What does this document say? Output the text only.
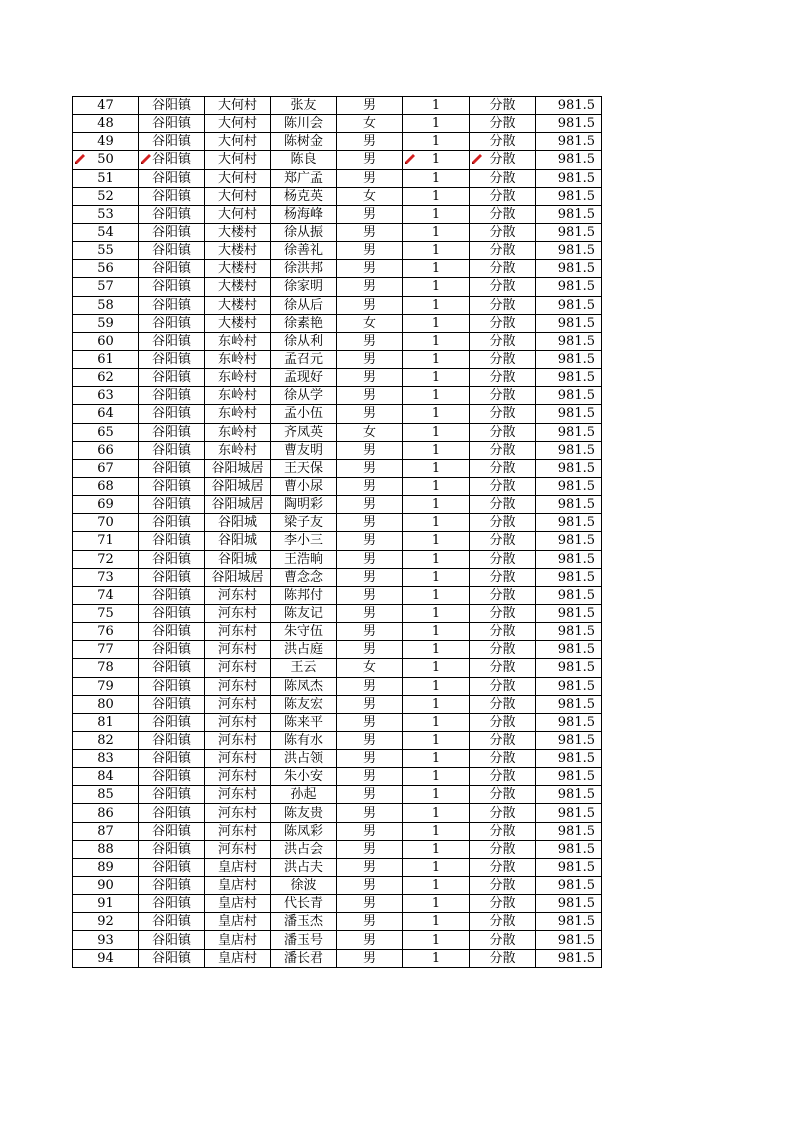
47	谷阳镇	大何村	张友	男	1	分散	981.5
48	谷阳镇	大何村	陈川会	女	1	分散	981.5
49	谷阳镇	大何村	陈树金	男	1	分散	981.5

50	谷阳镇	大何村	陈良	男	1	分散	981.5
51	谷阳镇	大何村	郑广孟	男	1	分散	981.5
52	谷阳镇	大何村	杨克英	女	1	分散	981.5
53	谷阳镇	大何村	杨海峰	男	1	分散	981.5
54	谷阳镇	大楼村	徐从振	男	1	分散	981.5
55	谷阳镇	大楼村	徐善礼	男	1	分散	981.5
56	谷阳镇	大楼村	徐洪邦	男	1	分散	981.5
57	谷阳镇	大楼村	徐家明	男	1	分散	981.5
58	谷阳镇	大楼村	徐从后	男	1	分散	981.5
59	谷阳镇	大楼村	徐素艳	女	1	分散	981.5
60	谷阳镇	东岭村	徐从利	男	1	分散	981.5
61	谷阳镇	东岭村	孟召元	男	1	分散	981.5
62	谷阳镇	东岭村	孟现好	男	1	分散	981.5
63	谷阳镇	东岭村	徐从学	男	1	分散	981.5
64	谷阳镇	东岭村	孟小伍	男	1	分散	981.5
65	谷阳镇	东岭村	齐凤英	女	1	分散	981.5
66	谷阳镇	东岭村	曹友明	男	1	分散	981.5
67	谷阳镇	谷阳城居	王天保	男	1	分散	981.5
68	谷阳镇	谷阳城居	曹小尿	男	1	分散	981.5
69	谷阳镇	谷阳城居	陶明彩	男	1	分散	981.5
70	谷阳镇	谷阳城	梁子友	男	1	分散	981.5
71	谷阳镇	谷阳城	李小三	男	1	分散	981.5
72	谷阳镇	谷阳城	王浩晌	男	1	分散	981.5
73	谷阳镇	谷阳城居	曹念念	男	1	分散	981.5
74	谷阳镇	河东村	陈邦付	男	1	分散	981.5
75	谷阳镇	河东村	陈友记	男	1	分散	981.5
76	谷阳镇	河东村	朱守伍	男	1	分散	981.5
77	谷阳镇	河东村	洪占庭	男	1	分散	981.5
78	谷阳镇	河东村	王云	女	1	分散	981.5
79	谷阳镇	河东村	陈凤杰	男	1	分散	981.5
80	谷阳镇	河东村	陈友宏	男	1	分散	981.5
81	谷阳镇	河东村	陈来平	男	1	分散	981.5
82	谷阳镇	河东村	陈有水	男	1	分散	981.5
83	谷阳镇	河东村	洪占领	男	1	分散	981.5
84	谷阳镇	河东村	朱小安	男	1	分散	981.5
85	谷阳镇	河东村	孙起	男	1	分散	981.5
86	谷阳镇	河东村	陈友贵	男	1	分散	981.5
87	谷阳镇	河东村	陈凤彩	男	1	分散	981.5
88	谷阳镇	河东村	洪占会	男	1	分散	981.5
89	谷阳镇	皇店村	洪占夫	男	1	分散	981.5
90	谷阳镇	皇店村	徐波	男	1	分散	981.5
91	谷阳镇	皇店村	代长青	男	1	分散	981.5
92	谷阳镇	皇店村	潘玉杰	男	1	分散	981.5
93	谷阳镇	皇店村	潘玉号	男	1	分散	981.5
94	谷阳镇	皇店村	潘长君	男	1	分散	981.5
